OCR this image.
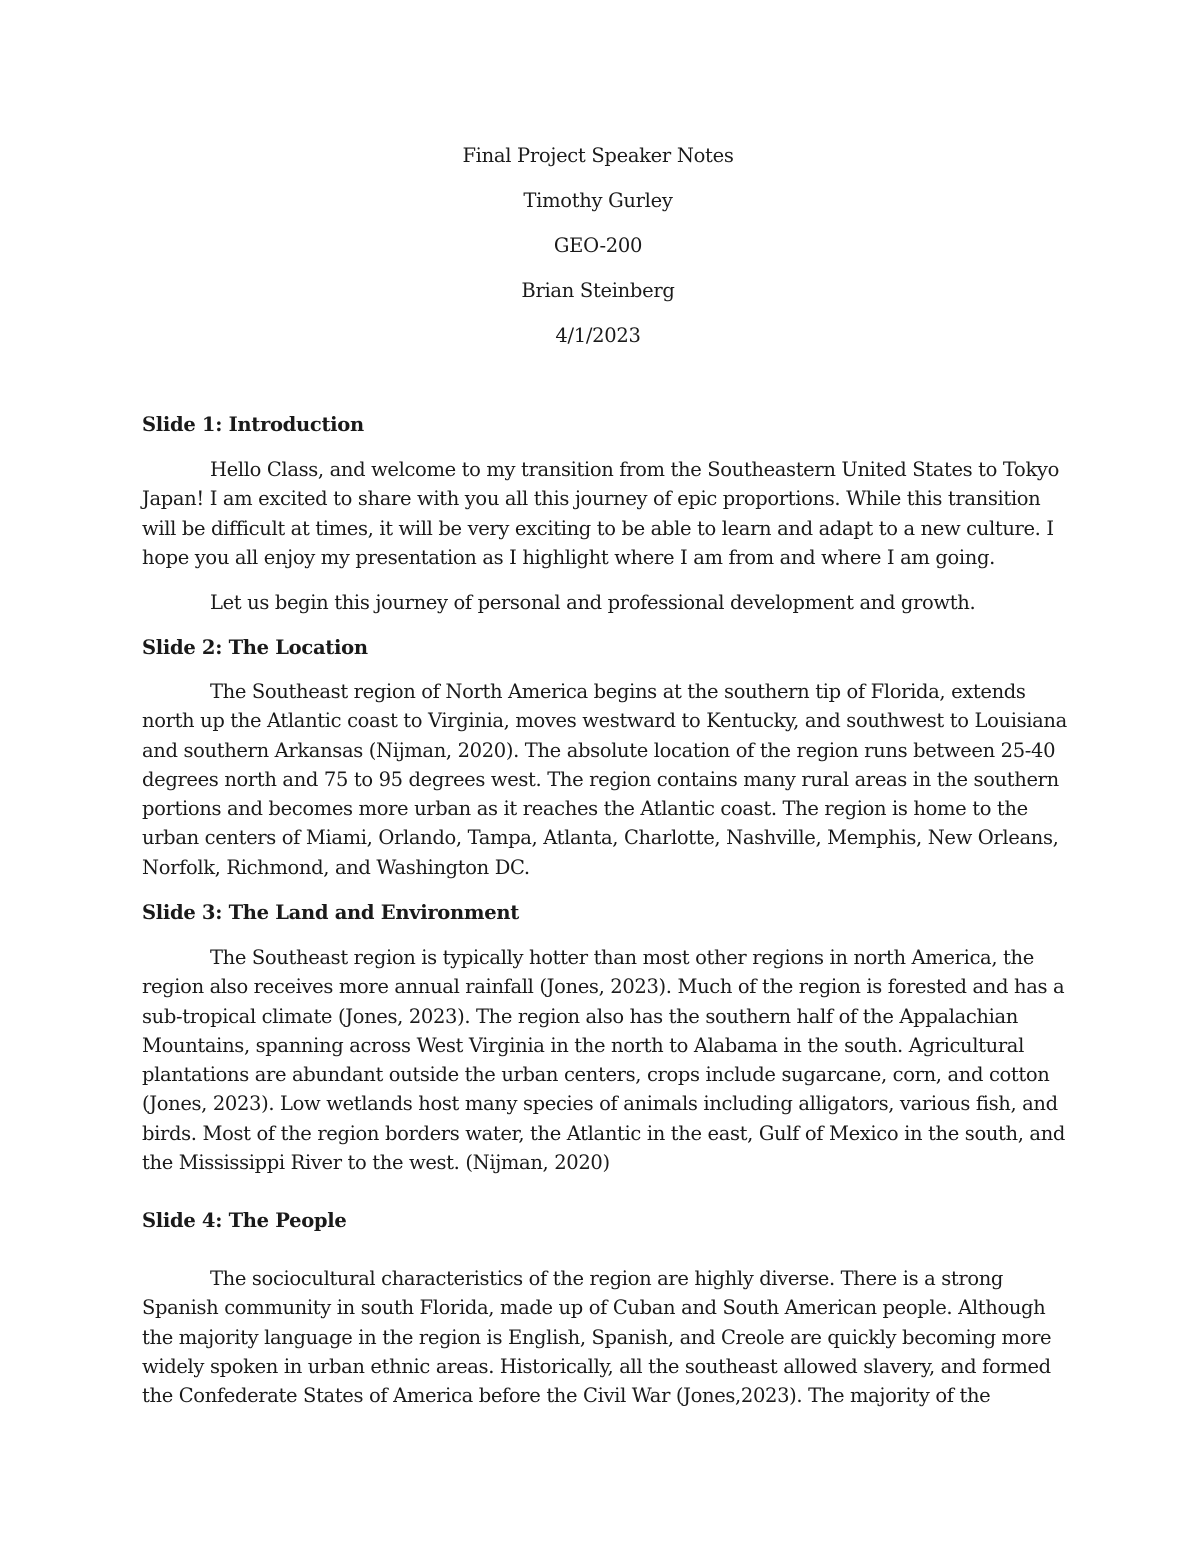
Final Project Speaker Notes
Timothy Gurley
GEO-200
Brian Steinberg
4/1/2023
Slide 1: Introduction
Hello Class, and welcome to my transition from the Southeastern United States to Tokyo
Japan! I am excited to share with you all this journey of epic proportions. While this transition
will be difficult at times, it will be very exciting to be able to learn and adapt to a new culture. I
hope you all enjoy my presentation as I highlight where I am from and where I am going.
Let us begin this journey of personal and professional development and growth.
Slide 2: The Location
The Southeast region of North America begins at the southern tip of Florida, extends
north up the Atlantic coast to Virginia, moves westward to Kentucky, and southwest to Louisiana
and southern Arkansas (Nijman, 2020). The absolute location of the region runs between 25-40
degrees north and 75 to 95 degrees west. The region contains many rural areas in the southern
portions and becomes more urban as it reaches the Atlantic coast. The region is home to the
urban centers of Miami, Orlando, Tampa, Atlanta, Charlotte, Nashville, Memphis, New Orleans,
Norfolk, Richmond, and Washington DC.
Slide 3: The Land and Environment
The Southeast region is typically hotter than most other regions in north America, the
region also receives more annual rainfall (Jones, 2023). Much of the region is forested and has a
sub-tropical climate (Jones, 2023). The region also has the southern half of the Appalachian
Mountains, spanning across West Virginia in the north to Alabama in the south. Agricultural
plantations are abundant outside the urban centers, crops include sugarcane, corn, and cotton
(Jones, 2023). Low wetlands host many species of animals including alligators, various fish, and
birds. Most of the region borders water, the Atlantic in the east, Gulf of Mexico in the south, and
the Mississippi River to the west. (Nijman, 2020)
Slide 4: The People
The sociocultural characteristics of the region are highly diverse. There is a strong
Spanish community in south Florida, made up of Cuban and South American people. Although
the majority language in the region is English, Spanish, and Creole are quickly becoming more
widely spoken in urban ethnic areas. Historically, all the southeast allowed slavery, and formed
the Confederate States of America before the Civil War (Jones,2023). The majority of the
